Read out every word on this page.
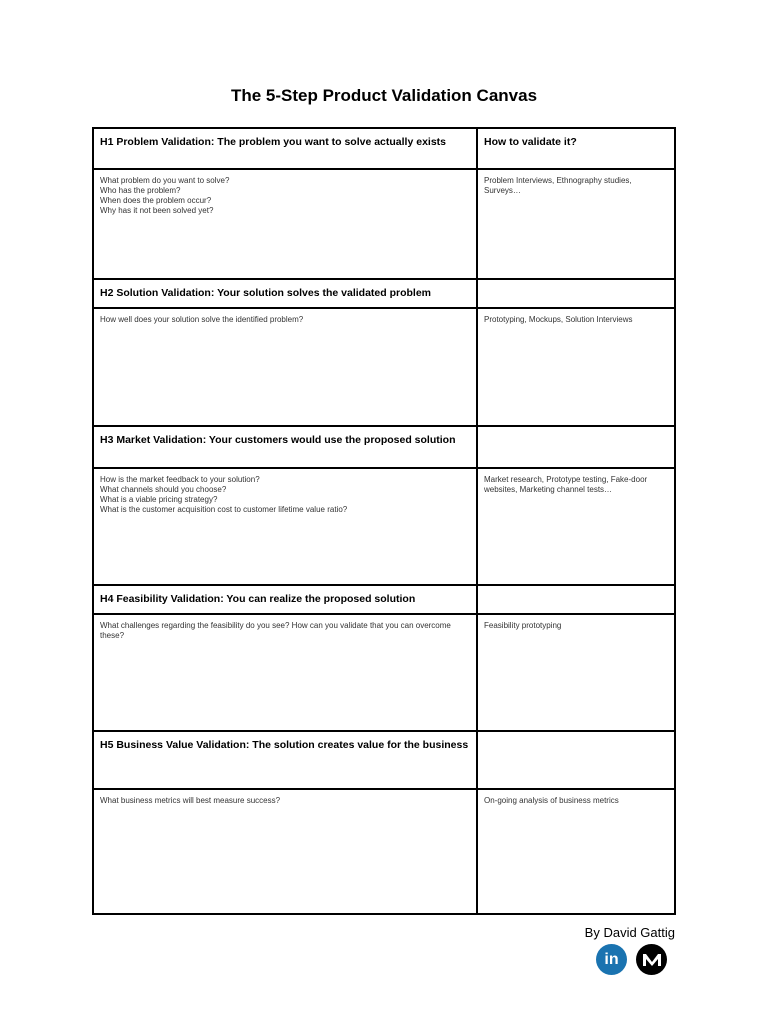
The 5-Step Product Validation Canvas
H1 Problem Validation: The problem you want to solve actually exists	How to validate it?

What problem do you want to solve?
Who has the problem?
When does the problem occur?
Why has it not been solved yet?	Problem Interviews, Ethnography studies, Surveys…

H2 Solution Validation: Your solution solves the validated problem	

How well does your solution solve the identified problem?	Prototyping, Mockups, Solution Interviews

H3 Market Validation: Your customers would use the proposed solution	

How is the market feedback to your solution?
What channels should you choose?
What is a viable pricing strategy?
What is the customer acquisition cost to customer lifetime value ratio?	Market research, Prototype testing, Fake-door websites, Marketing channel tests…

H4 Feasibility Validation: You can realize the proposed solution	

What challenges regarding the feasibility do you see? How can you validate that you can overcome these?	Feasibility prototyping

H5 Business Value Validation: The solution creates value for the business	

What business metrics will best measure success?	On-going analysis of business metrics
By David Gattig
in
